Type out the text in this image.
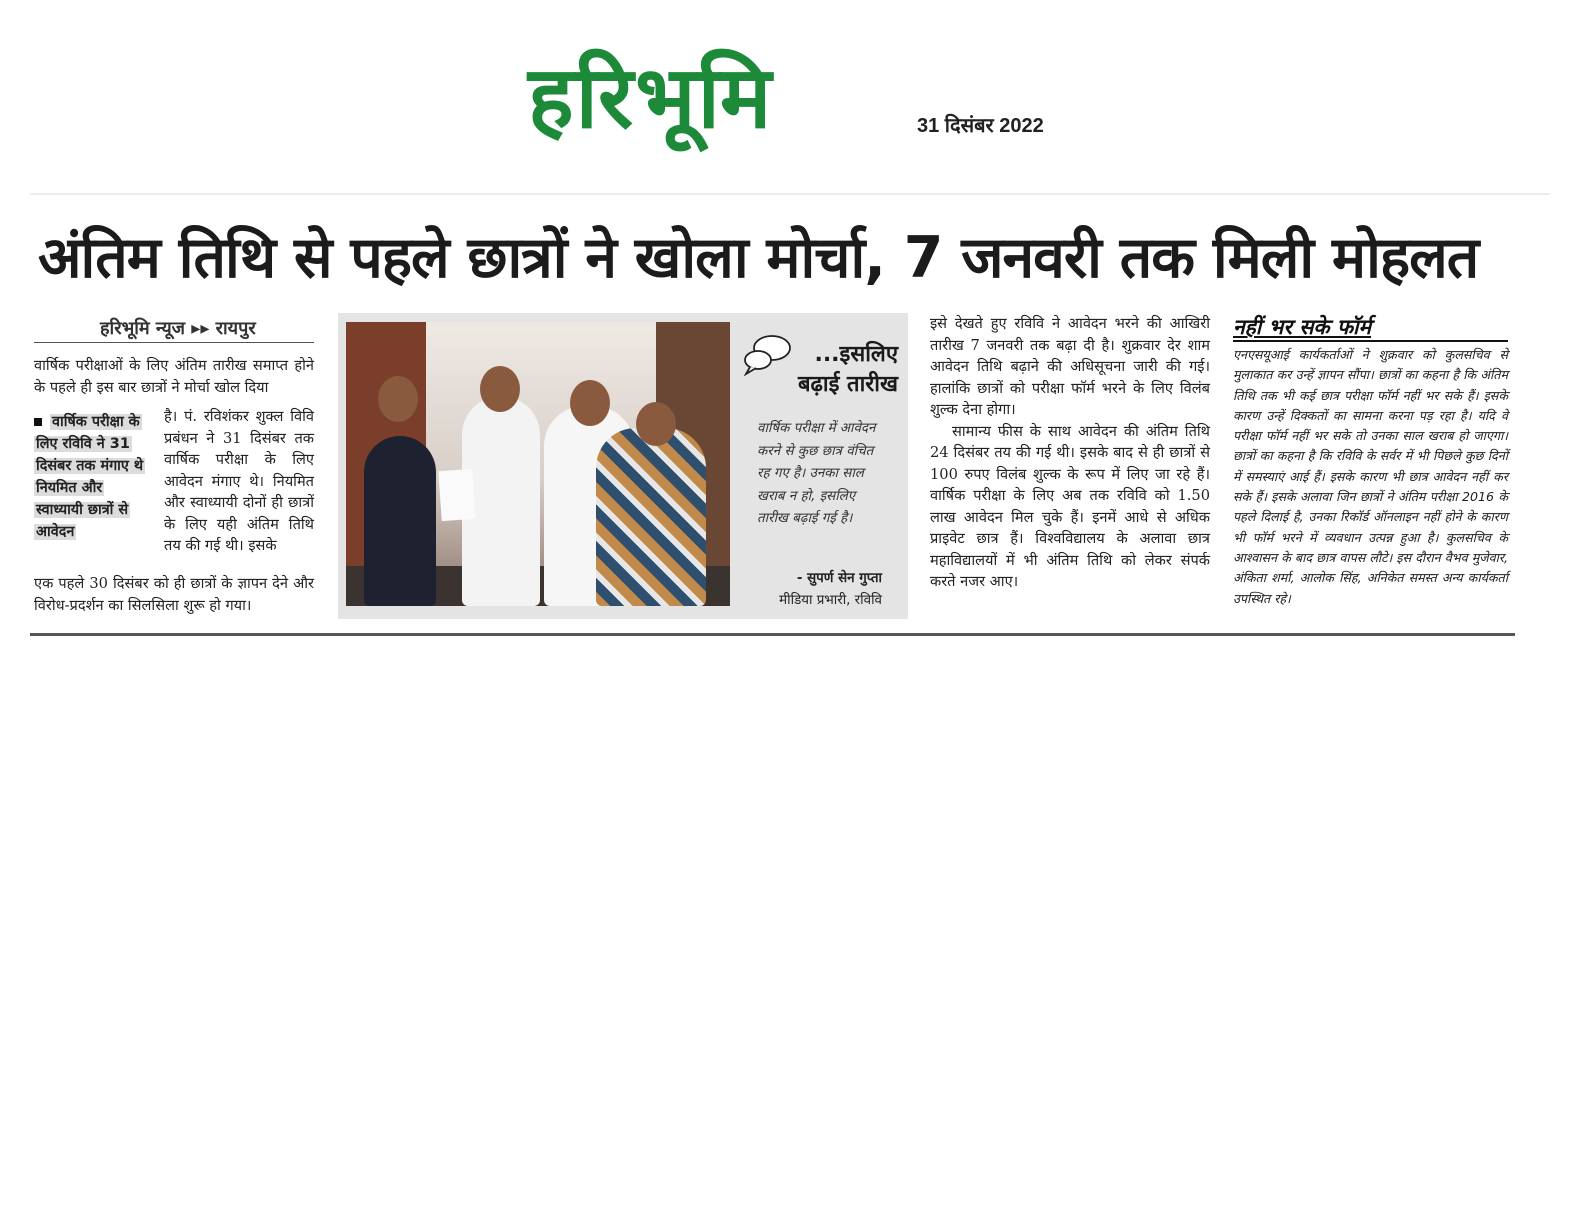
हरिभूमि	31 दिसंबर 2022
अंतिम तिथि से पहले छात्रों ने खोला मोर्चा, 7 जनवरी तक मिली मोहलत
हरिभूमि न्यूज ▸▸ रायपुर
वार्षिक परीक्षाओं के लिए अंतिम तारीख समाप्त होने के पहले ही इस बार छात्रों ने मोर्चा खोल दिया
वार्षिक परीक्षा के लिए रविवि ने 31 दिसंबर तक मंगाए थे नियमित और स्वाध्यायी छात्रों से आवेदन
है। पं. रविशंकर शुक्ल विवि प्रबंधन ने 31 दिसंबर तक वार्षिक परीक्षा के लिए आवेदन मंगाए थे। नियमित और स्वाध्यायी दोनों ही छात्रों के लिए यही अंतिम तिथि तय की गई थी। इसके
एक पहले 30 दिसंबर को ही छात्रों के ज्ञापन देने और विरोध-प्रदर्शन का सिलसिला शुरू हो गया।
...इसलिए बढ़ाई तारीख
वार्षिक परीक्षा में आवेदन करने से कुछ छात्र वंचित रह गए है। उनका साल खराब न हो, इसलिए तारीख बढ़ाई गई है।
- सुपर्ण सेन गुप्ता
मीडिया प्रभारी, रविवि

इसे देखते हुए रविवि ने आवेदन भरने की आखिरी तारीख 7 जनवरी तक बढ़ा दी है। शुक्रवार देर शाम आवेदन तिथि बढ़ाने की अधिसूचना जारी की गई। हालांकि छात्रों को परीक्षा फॉर्म भरने के लिए विलंब शुल्क देना होगा।

सामान्य फीस के साथ आवेदन की अंतिम तिथि 24 दिसंबर तय की गई थी। इसके बाद से ही छात्रों से 100 रुपए विलंब शुल्क के रूप में लिए जा रहे हैं। वार्षिक परीक्षा के लिए अब तक रविवि को 1.50 लाख आवेदन मिल चुके हैं। इनमें आधे से अधिक प्राइवेट छात्र हैं। विश्वविद्यालय के अलावा छात्र महाविद्यालयों में भी अंतिम तिथि को लेकर संपर्क करते नजर आए।

नहीं भर सके फॉर्म
एनएसयूआई कार्यकर्ताओं ने शुक्रवार को कुलसचिव से मुलाकात कर उन्हें ज्ञापन सौंपा। छात्रों का कहना है कि अंतिम तिथि तक भी कई छात्र परीक्षा फॉर्म नहीं भर सके हैं। इसके कारण उन्हें दिक्कतों का सामना करना पड़ रहा है। यदि वे परीक्षा फॉर्म नहीं भर सके तो उनका साल खराब हो जाएगा। छात्रों का कहना है कि रविवि के सर्वर में भी पिछले कुछ दिनों में समस्याएं आई हैं। इसके कारण भी छात्र आवेदन नहीं कर सके हैं। इसके अलावा जिन छात्रों ने अंतिम परीक्षा 2016 के पहले दिलाई है, उनका रिकॉर्ड ऑनलाइन नहीं होने के कारण भी फॉर्म भरने में व्यवधान उत्पन्न हुआ है। कुलसचिव के आश्वासन के बाद छात्र वापस लौटे। इस दौरान वैभव मुजेवार, अंकिता शर्मा, आलोक सिंह, अनिकेत समस्त अन्य कार्यकर्ता उपस्थित रहे।
